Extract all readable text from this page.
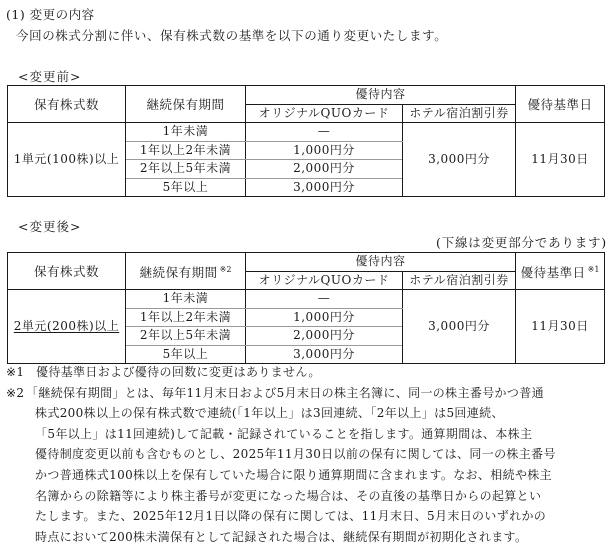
(1) 変更の内容
今回の株式分割に伴い、保有株式数の基準を以下の通り変更いたします。
<変更前>
保有株式数	継続保有期間	優待内容		優待基準日
		オリジナルQUOカード	ホテル宿泊割引券	
1単元(100株)以上	1年未満	—	3,000円分	11月30日
	1年以上2年未満	1,000円分		
	2年以上5年未満	2,000円分		
	5年以上	3,000円分		
<変更後>
(下線は変更部分であります)
保有株式数	継続保有期間 $^{※2}$	優待内容		優待基準日 $^{※1}$
		オリジナルQUOカード	ホテル宿泊割引券	
2単元(200株)以上	1年未満	—	3,000円分	11月30日
	1年以上2年未満	1,000円分		
	2年以上5年未満	2,000円分		
	5年以上	3,000円分		
※1 優待基準日および優待の回数に変更はありません。
※2 「継続保有期間」とは、毎年11月末日および5月末日の株主名簿に、同一の株主番号かつ普通
株式200株以上の保有株式数で連続(「1年以上」は3回連続、「2年以上」は5回連続、
「5年以上」は11回連続)して記載・記録されていることを指します。通算期間は、本株主
優待制度変更以前も含むものとし、2025年11月30日以前の保有に関しては、同一の株主番号
かつ普通株式100株以上を保有していた場合に限り通算期間に含まれます。なお、相続や株主
名簿からの除籍等により株主番号が変更になった場合は、その直後の基準日からの起算とい
たします。また、2025年12月1日以降の保有に関しては、11月末日、5月末日のいずれかの
時点において200株未満保有として記録された場合は、継続保有期間が初期化されます。
